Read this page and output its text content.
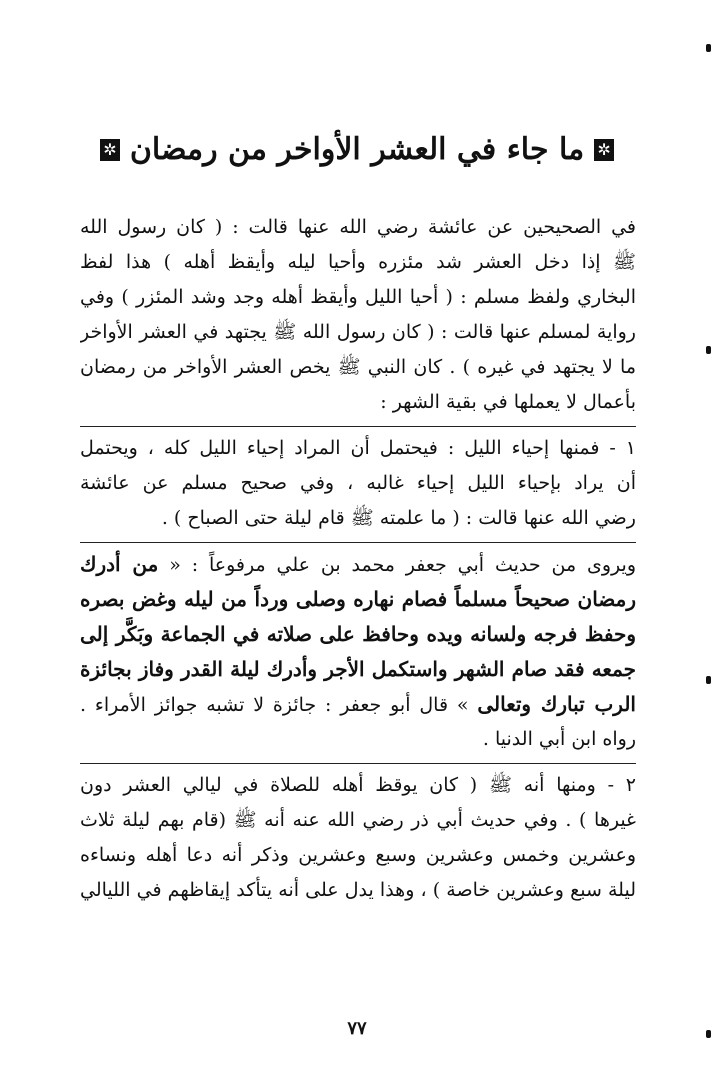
✲
ما جاء في العشر الأواخر من رمضان
✲
في الصحيحين عن عائشة رضي الله عنها قالت : ( كان رسول الله
ﷺ إذا دخل العشر شد مئزره وأحيا ليله وأيقظ أهله ) هذا لفظ
البخاري ولفظ مسلم : ( أحيا الليل وأيقظ أهله وجد وشد المئزر ) وفي
رواية لمسلم عنها قالت : ( كان رسول الله ﷺ يجتهد في العشر الأواخر
ما لا يجتهد في غيره ) . كان النبي ﷺ يخص العشر الأواخر من رمضان
بأعمال لا يعملها في بقية الشهر :
١ - فمنها إحياء الليل : فيحتمل أن المراد إحياء الليل كله ، ويحتمل
أن يراد بإحياء الليل إحياء غالبه ، وفي صحيح مسلم عن عائشة
رضي الله عنها قالت : ( ما علمته ﷺ قام ليلة حتى الصباح ) .
ويروى من حديث أبي جعفر محمد بن علي مرفوعاً : « من أدرك
رمضان صحيحاً مسلماً فصام نهاره وصلى ورداً من ليله وغض بصره
وحفظ فرجه ولسانه ويده وحافظ على صلاته في الجماعة وبَكَّر إلى
جمعه فقد صام الشهر واستكمل الأجر وأدرك ليلة القدر وفاز بجائزة
الرب تبارك وتعالى » قال أبو جعفر : جائزة لا تشبه جوائز الأمراء .
رواه ابن أبي الدنيا .
٢ - ومنها أنه ﷺ ( كان يوقظ أهله للصلاة في ليالي العشر دون
غيرها ) . وفي حديث أبي ذر رضي الله عنه أنه ﷺ (قام بهم ليلة ثلاث
وعشرين وخمس وعشرين وسبع وعشرين وذكر أنه دعا أهله ونساءه
ليلة سبع وعشرين خاصة ) ، وهذا يدل على أنه يتأكد إيقاظهم في الليالي
٧٧
